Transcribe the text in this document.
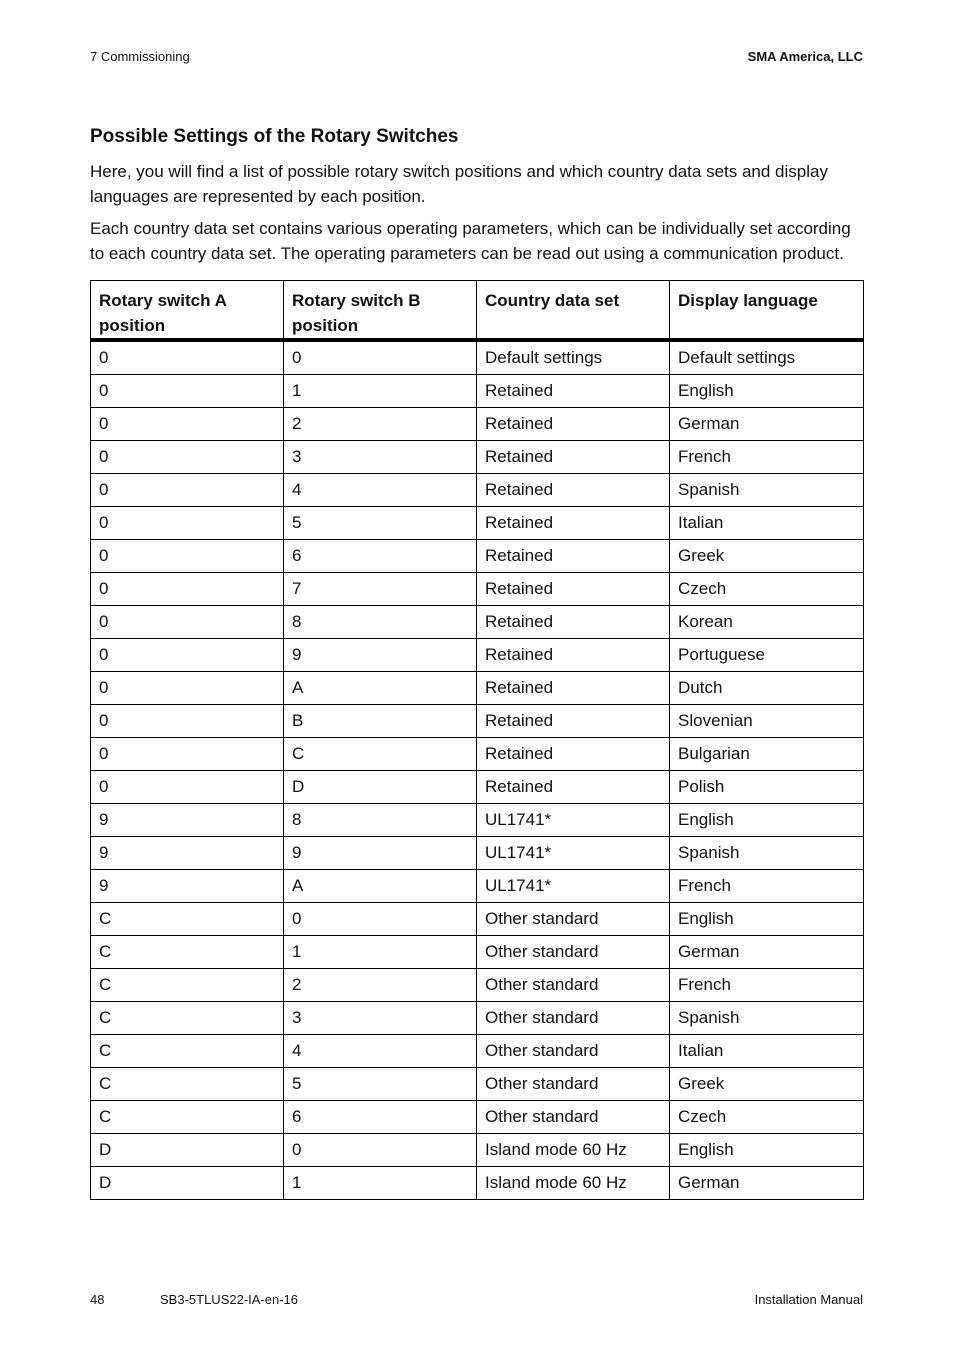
7 Commissioning	SMA America, LLC
Possible Settings of the Rotary Switches

Here, you will find a list of possible rotary switch positions and which country data sets and display languages are represented by each position.

Each country data set contains various operating parameters, which can be individually set according to each country data set. The operating parameters can be read out using a communication product.

Rotary switch A position	Rotary switch B position	Country data set	Display language
0	0	Default settings	Default settings
0	1	Retained	English
0	2	Retained	German
0	3	Retained	French
0	4	Retained	Spanish
0	5	Retained	Italian
0	6	Retained	Greek
0	7	Retained	Czech
0	8	Retained	Korean
0	9	Retained	Portuguese
0	A	Retained	Dutch
0	B	Retained	Slovenian
0	C	Retained	Bulgarian
0	D	Retained	Polish
9	8	UL1741*	English
9	9	UL1741*	Spanish
9	A	UL1741*	French
C	0	Other standard	English
C	1	Other standard	German
C	2	Other standard	French
C	3	Other standard	Spanish
C	4	Other standard	Italian
C	5	Other standard	Greek
C	6	Other standard	Czech
D	0	Island mode 60 Hz	English
D	1	Island mode 60 Hz	German
48	SB3-5TLUS22-IA-en-16	Installation Manual
